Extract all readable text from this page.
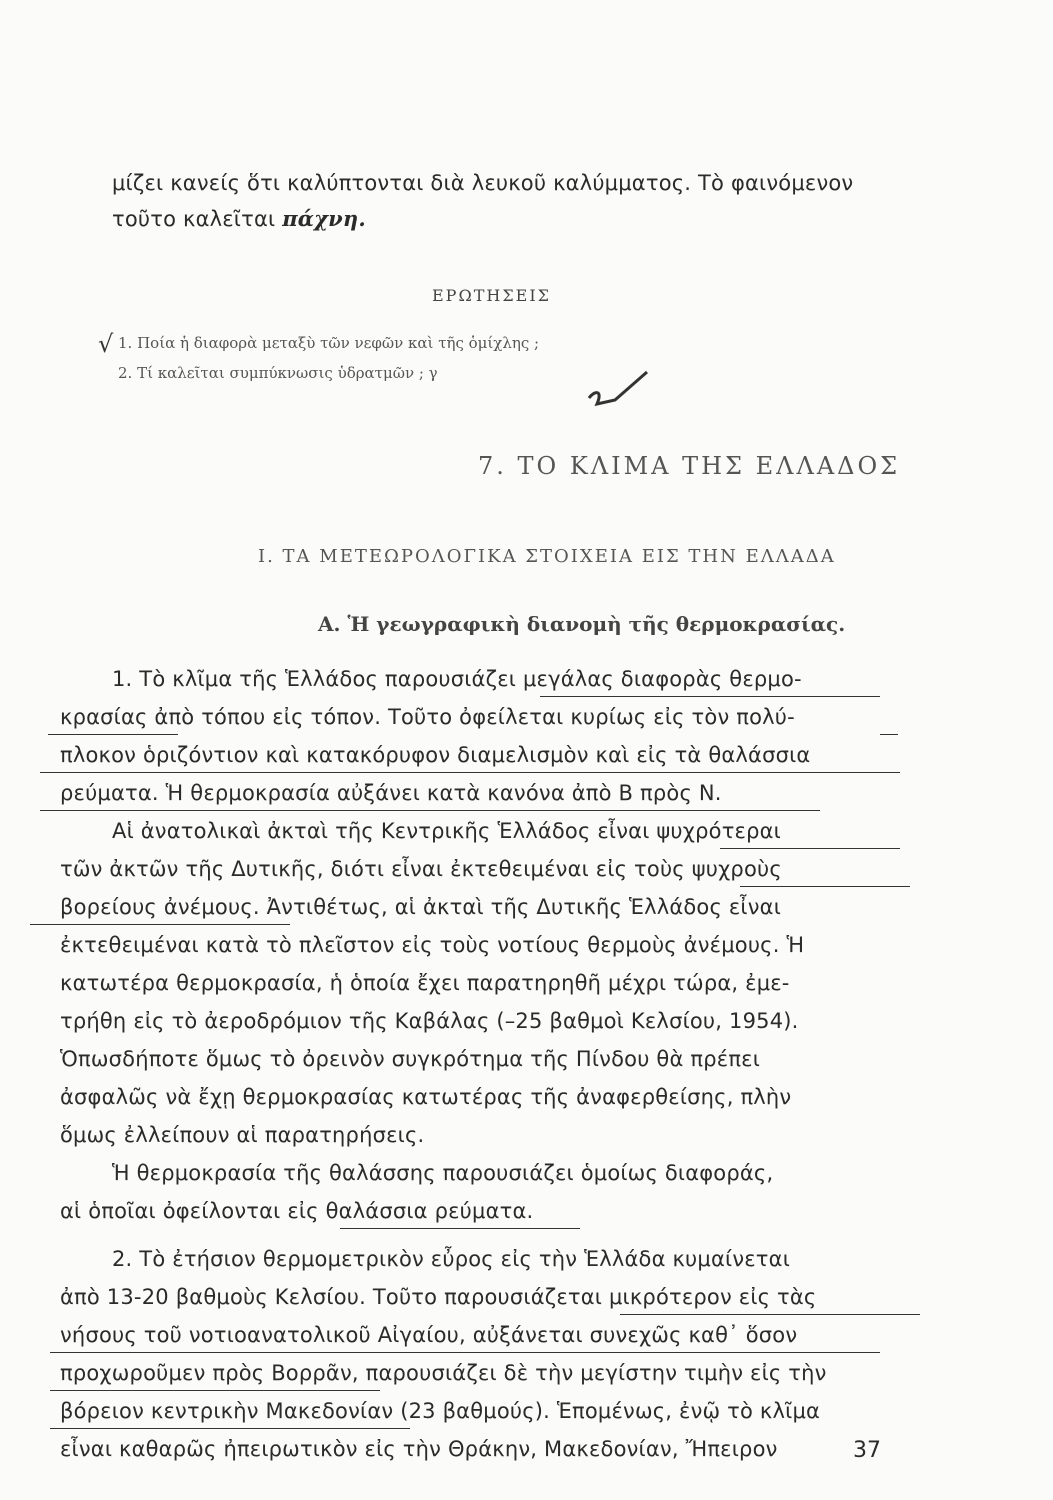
μίζει κανείς ὅτι καλύπτονται διὰ λευκοῦ καλύμματος. Τὸ φαινόμενον
τοῦτο καλεῖται πάχνη.
ΕΡΩΤΗΣΕΙΣ
√ 1. Ποία ἡ διαφορὰ μεταξὺ τῶν νεφῶν καὶ τῆς ὁμίχλης ;
2. Τί καλεῖται συμπύκνωσις ὑδρατμῶν ; γ
7. ΤΟ ΚΛΙΜΑ ΤΗΣ ΕΛΛΑΔΟΣ
I. ΤΑ ΜΕΤΕΩΡΟΛΟΓΙΚΑ ΣΤΟΙΧΕΙΑ ΕΙΣ ΤΗΝ ΕΛΛΑΔΑ
Α. Ἡ γεωγραφικὴ διανομὴ τῆς θερμοκρασίας.
1. Τὸ κλῖμα τῆς Ἑλλάδος παρουσιάζει μεγάλας διαφορὰς θερμο-
κρασίας ἀπὸ τόπου εἰς τόπον. Τοῦτο ὀφείλεται κυρίως εἰς τὸν πολύ-
πλοκον ὁριζόντιον καὶ κατακόρυφον διαμελισμὸν καὶ εἰς τὰ θαλάσσια
ρεύματα. Ἡ θερμοκρασία αὐξάνει κατὰ κανόνα ἀπὸ Β πρὸς Ν.
Αἱ ἀνατολικαὶ ἀκταὶ τῆς Κεντρικῆς Ἑλλάδος εἶναι ψυχρότεραι
τῶν ἀκτῶν τῆς Δυτικῆς, διότι εἶναι ἐκτεθειμέναι εἰς τοὺς ψυχροὺς
βορείους ἀνέμους. Ἀντιθέτως, αἱ ἀκταὶ τῆς Δυτικῆς Ἑλλάδος εἶναι
ἐκτεθειμέναι κατὰ τὸ πλεῖστον εἰς τοὺς νοτίους θερμοὺς ἀνέμους. Ἡ
κατωτέρα θερμοκρασία, ἡ ὁποία ἔχει παρατηρηθῆ μέχρι τώρα, ἐμε-
τρήθη εἰς τὸ ἀεροδρόμιον τῆς Καβάλας (–25 βαθμοὶ Κελσίου, 1954).
Ὁπωσδήποτε ὅμως τὸ ὀρεινὸν συγκρότημα τῆς Πίνδου θὰ πρέπει
ἀσφαλῶς νὰ ἔχῃ θερμοκρασίας κατωτέρας τῆς ἀναφερθείσης, πλὴν
ὅμως ἐλλείπουν αἱ παρατηρήσεις.
Ἡ θερμοκρασία τῆς θαλάσσης παρουσιάζει ὁμοίως διαφοράς,
αἱ ὁποῖαι ὀφείλονται εἰς θαλάσσια ρεύματα.
2. Τὸ ἐτήσιον θερμομετρικὸν εὖρος εἰς τὴν Ἑλλάδα κυμαίνεται
ἀπὸ 13-20 βαθμοὺς Κελσίου. Τοῦτο παρουσιάζεται μικρότερον εἰς τὰς
νήσους τοῦ νοτιοανατολικοῦ Αἰγαίου, αὐξάνεται συνεχῶς καθ᾽ ὅσον
προχωροῦμεν πρὸς Βορρᾶν, παρουσιάζει δὲ τὴν μεγίστην τιμὴν εἰς τὴν
βόρειον κεντρικὴν Μακεδονίαν (23 βαθμούς). Ἑπομένως, ἐνῷ τὸ κλῖμα
εἶναι καθαρῶς ἠπειρωτικὸν εἰς τὴν Θράκην, Μακεδονίαν, Ἤπειρον	37
